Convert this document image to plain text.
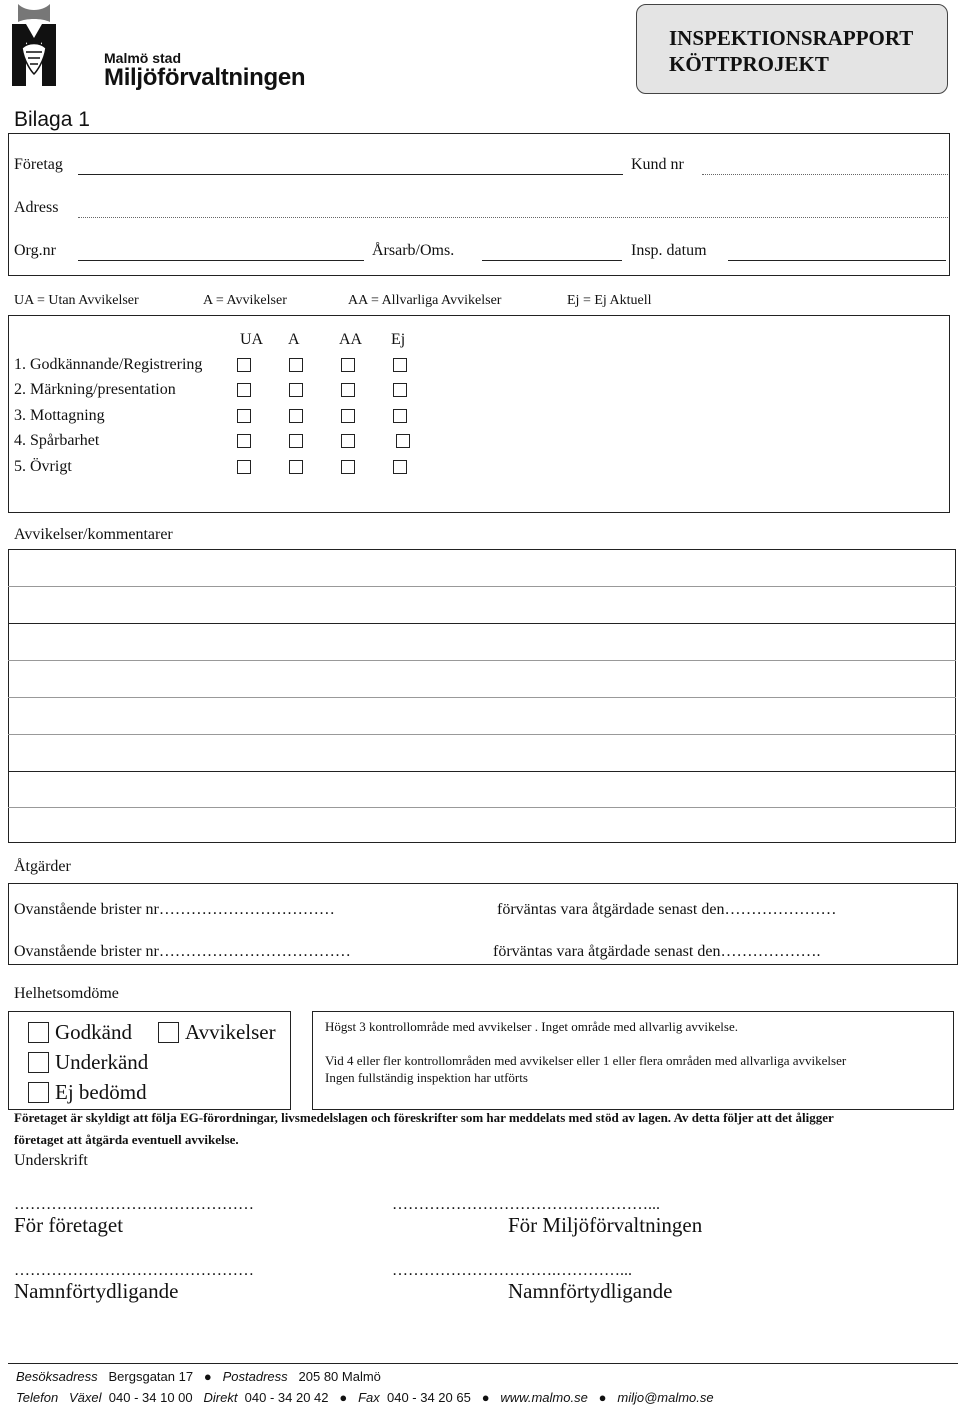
Malmö stad
Miljöförvaltningen
INSPEKTIONSRAPPORT
KÖTTPROJEKT
Bilaga 1
Företag	Kund nr
Adress
Org.nr	Årsarb/Oms.	Insp. datum
UA = Utan Avvikelser	A = Avvikelser	AA = Allvarliga Avvikelser	Ej = Ej Aktuell
UA A AA Ej
1. Godkännande/Registrering
2. Märkning/presentation
3. Mottagning
4. Spårbarhet
5. Övrigt
Avvikelser/kommentarer
Åtgärder
Ovanstående brister nr……………………………	förväntas vara åtgärdade senast den…………………
Ovanstående brister nr………………………………	förväntas vara åtgärdade senast den……………….
Helhetsomdöme
Godkänd	Avvikelser
Underkänd
Ej bedömd
Högst 3 kontrollområde med avvikelser . Inget område med allvarlig avvikelse.
Vid 4 eller fler kontrollområden med avvikelser eller 1 eller flera områden med allvarliga avvikelser
Ingen fullständig inspektion har utförts
Företaget är skyldigt att följa EG-förordningar, livsmedelslagen och föreskrifter som har meddelats med stöd av lagen. Av detta följer att det åligger
företaget att åtgärda eventuell avvikelse.
Underskrift
………………………………………	…………………………………………...
För företaget	För Miljöförvaltningen
………………………………………	………………………….…………...
Namnförtydligande	Namnförtydligande
Besöksadress Bergsgatan 17 ● Postadress 205 80 Malmö
Telefon Växel 040 - 34 10 00 Direkt 040 - 34 20 42 ● Fax 040 - 34 20 65 ● www.malmo.se ● miljo@malmo.se
